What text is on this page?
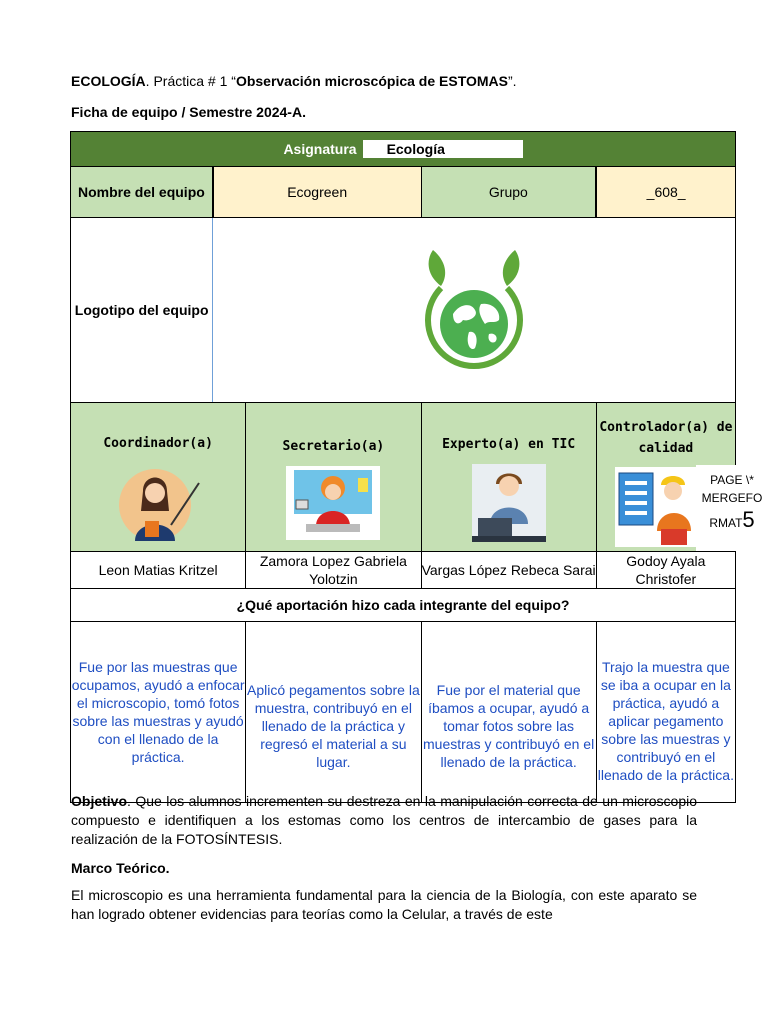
ECOLOGÍA. Práctica # 1 “Observación microscópica de ESTOMAS”.
Ficha de equipo / Semestre 2024-A.
Asignatura Ecología				
Nombre del equipo	Ecogreen		Grupo	_608_
Logotipo del equipo	

Coordinador(a)		Secretario(a)	Experto(a) en TIC	Controlador(a) de calidad

Leon Matias Kritzel		Zamora Lopez Gabriela Yolotzin	Vargas López Rebeca Sarai	Godoy Ayala Christofer
¿Qué aportación hizo cada integrante del equipo?				
Fue por las muestras que ocupamos, ayudó a enfocar el microscopio, tomó fotos sobre las muestras y ayudó con el llenado de la práctica.		Aplicó pegamentos sobre la muestra, contribuyó en el llenado de la práctica y regresó el material a su lugar.	Fue por el material que íbamos a ocupar, ayudó a tomar fotos sobre las muestras y contribuyó en el llenado de la práctica.	Trajo la muestra que se iba a ocupar en la práctica, ayudó a aplicar pegamento sobre las muestras y contribuyó en el llenado de la práctica.
PAGE \*
MERGEFO
RMAT5
Objetivo. Que los alumnos incrementen su destreza en la manipulación correcta de un microscopio compuesto e identifiquen a los estomas como los centros de intercambio de gases para la realización de la FOTOSÍNTESIS.
Marco Teórico.
El microscopio es una herramienta fundamental para la ciencia de la Biología, con este aparato se han logrado obtener evidencias para teorías como la Celular, a través de este
